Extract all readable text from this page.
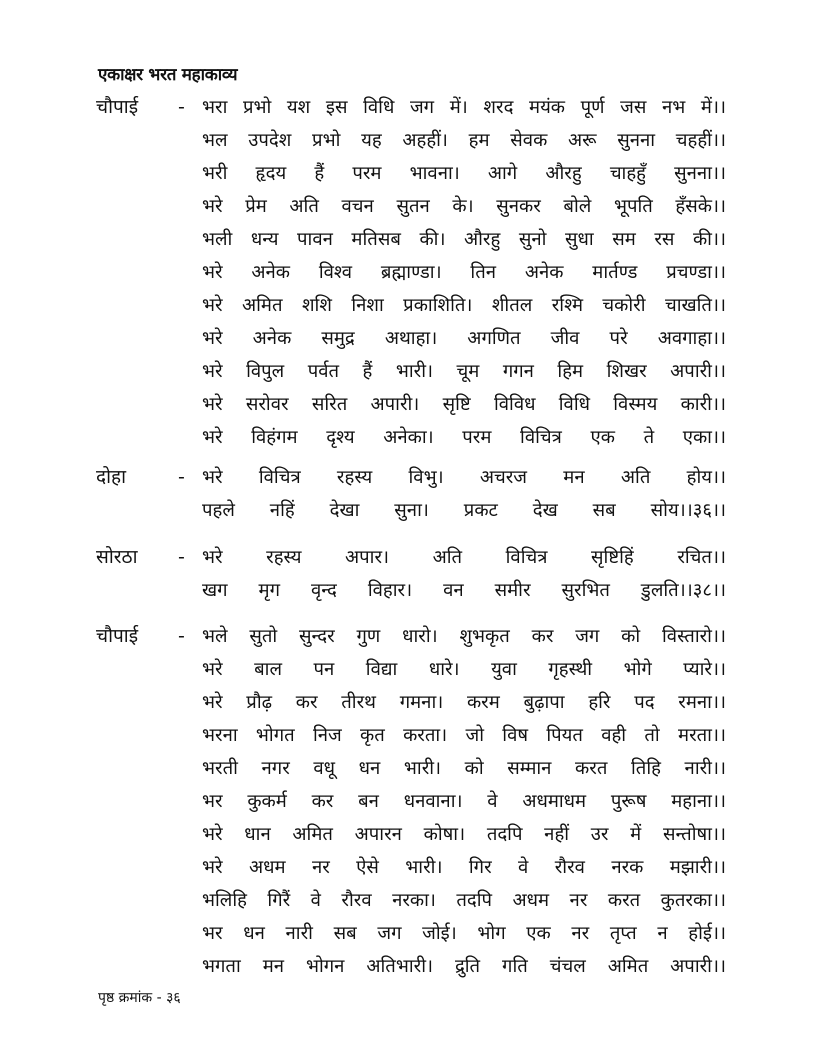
एकाक्षर भरत महाकाव्य
चौपाई - भरा प्रभो यश इस विधि जग में। शरद मयंक पूर्ण जस नभ में।।
भल उपदेश प्रभो यह अहहीं। हम सेवक अरू सुनना चहहीं।।
भरी हृदय हैं परम भावना। आगे औरहु चाहहुँ सुनना।।
भरे प्रेम अति वचन सुतन के। सुनकर बोले भूपति हँसके।।
भली धन्य पावन मतिसब की। औरहु सुनो सुधा सम रस की।।
भरे अनेक विश्व ब्रह्माण्डा। तिन अनेक मार्तण्ड प्रचण्डा।।
भरे अमित शशि निशा प्रकाशिति। शीतल रश्मि चकोरी चाखति।।
भरे अनेक समुद्र अथाहा। अगणित जीव परे अवगाहा।।
भरे विपुल पर्वत हैं भारी। चूम गगन हिम शिखर अपारी।।
भरे सरोवर सरित अपारी। सृष्टि विविध विधि विस्मय कारी।।
भरे विहंगम दृश्य अनेका। परम विचित्र एक ते एका।।
दोहा	- भरे विचित्र रहस्य विभु। अचरज मन अति होय।।
पहले नहिं देखा सुना। प्रकट देख सब सोय।।३६।।
सोरठा - भरे रहस्य अपार। अति विचित्र सृष्टिहिं रचित।।
खग मृग वृन्द विहार। वन समीर सुरभित डुलति।।३८।।
चौपाई - भले सुतो सुन्दर गुण धारो। शुभकृत कर जग को विस्तारो।।
भरे बाल पन विद्या धारे। युवा गृहस्थी भोगे प्यारे।।
भरे प्रौढ़ कर तीरथ गमना। करम बुढ़ापा हरि पद रमना।।
भरना भोगत निज कृत करता। जो विष पियत वही तो मरता।।
भरती नगर वधू धन भारी। को सम्मान करत तिहि नारी।।
भर कुकर्म कर बन धनवाना। वे अधमाधम पुरूष महाना।।
भरे धान अमित अपारन कोषा। तदपि नहीं उर में सन्तोषा।।
भरे अधम नर ऐसे भारी। गिर वे रौरव नरक मझारी।।
भलिहि गिरैं वे रौरव नरका। तदपि अधम नर करत कुतरका।।
भर धन नारी सब जग जोई। भोग एक नर तृप्त न होई।।
भगता मन भोगन अतिभारी। द्रुति गति चंचल अमित अपारी।।
पृष्ठ क्रमांक - ३६
